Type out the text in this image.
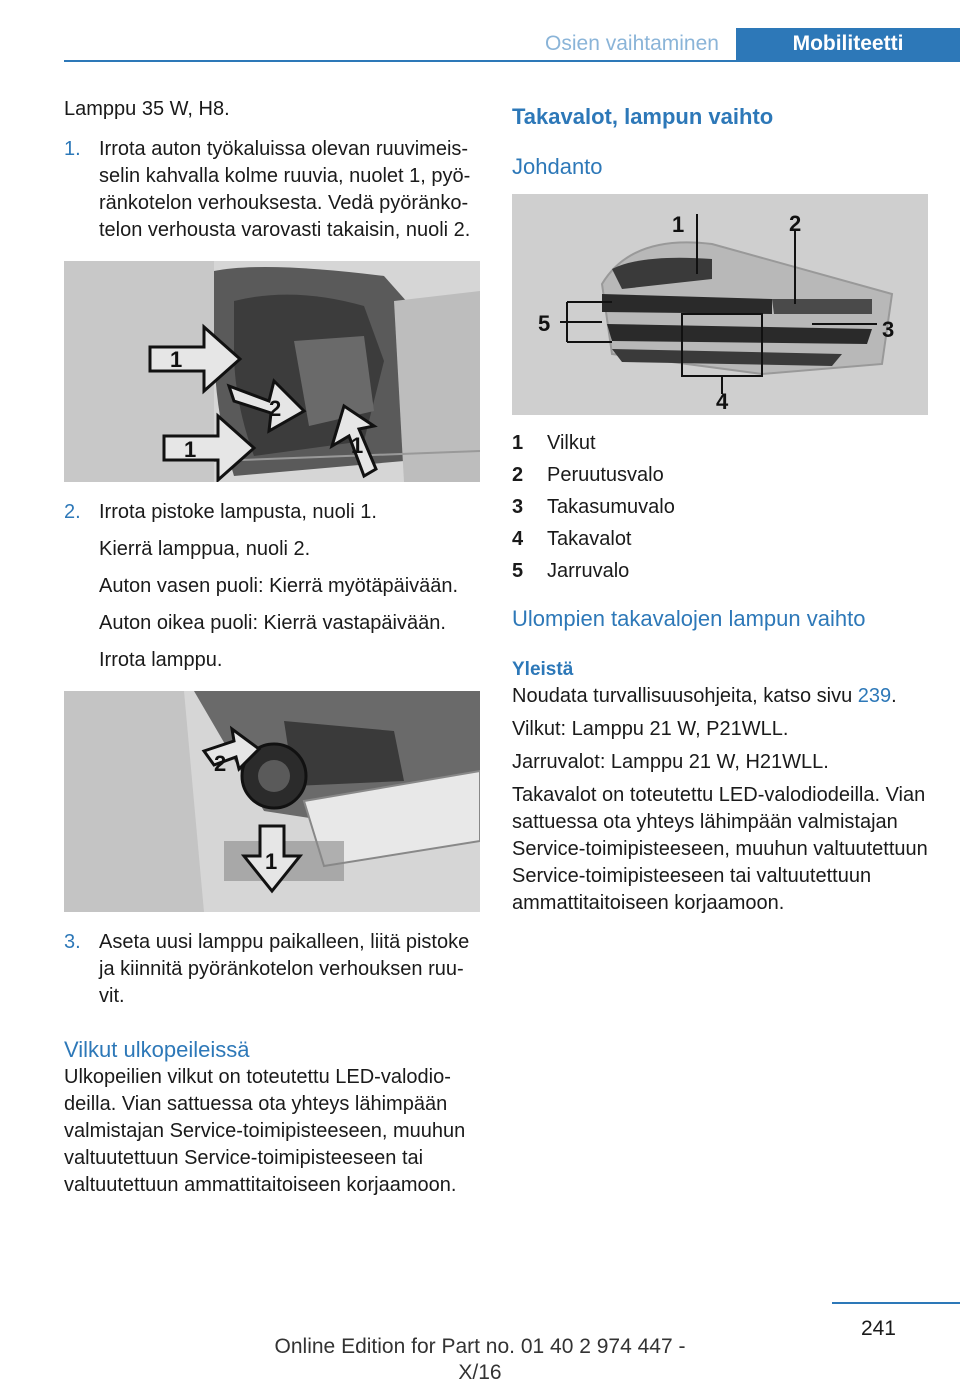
Osien vaihtaminen	Mobiliteetti

Lamppu 35 W, H8.

1. Irrota auton työkaluissa olevan ruuvimeisselin kahvalla kolme ruuvia, nuolet 1, pyöränkotelon verhouksesta. Vedä pyöränkotelon verhousta varovasti takaisin, nuoli 2.

1
1
2
1
2. Irrota pistoke lampusta, nuoli 1.

Kierrä lamppua, nuoli 2.

Auton vasen puoli: Kierrä myötäpäivään.

Auton oikea puoli: Kierrä vastapäivään.

Irrota lamppu.

2
1
3. Aseta uusi lamppu paikalleen, liitä pistoke ja kiinnitä pyöränkotelon verhouksen ruuvit.

Vilkut ulkopeileissä

Ulkopeilien vilkut on toteutettu LED-valodiodeilla. Vian sattuessa ota yhteys lähimpään valmistajan Service-toimipisteeseen, muuhun valtuutettuun Service-toimipisteeseen tai valtuutettuun ammattitaitoiseen korjaamoon.

Takavalot, lampun vaihto

Johdanto

1	2
3
4
5
1	Vilkut
2	Peruutusvalo
3	Takasumuvalo
4	Takavalot
5	Jarruvalo

Ulompien takavalojen lampun vaihto

Yleistä

Noudata turvallisuusohjeita, katso sivu 239.

Vilkut: Lamppu 21 W, P21WLL.

Jarruvalot: Lamppu 21 W, H21WLL.

Takavalot on toteutettu LED-valodiodeilla. Vian sattuessa ota yhteys lähimpään valmistajan Service-toimipisteeseen, muuhun valtuutettuun Service-toimipisteeseen tai valtuutettuun ammattitaitoiseen korjaamoon.

241
Online Edition for Part no. 01 40 2 974 447 - X/16
